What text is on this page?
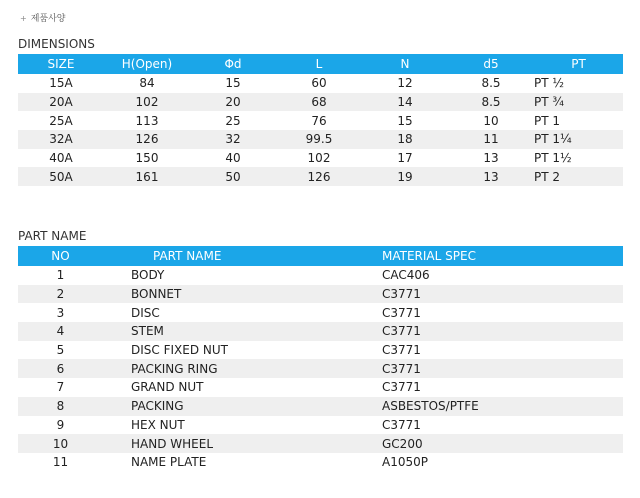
+ 제품사양
DIMENSIONS
SIZE	H(Open)	Φd	L	N	d5	PT
15A	84	15	60	12	8.5	PT ½
20A	102	20	68	14	8.5	PT ¾
25A	113	25	76	15	10	PT 1
32A	126	32	99.5	18	11	PT 1¼
40A	150	40	102	17	13	PT 1½
50A	161	50	126	19	13	PT 2
PART NAME
NO	PART NAME	MATERIAL SPEC
1	BODY	CAC406
2	BONNET	C3771
3	DISC	C3771
4	STEM	C3771
5	DISC FIXED NUT	C3771
6	PACKING RING	C3771
7	GRAND NUT	C3771
8	PACKING	ASBESTOS/PTFE
9	HEX NUT	C3771
10	HAND WHEEL	GC200
11	NAME PLATE	A1050P
